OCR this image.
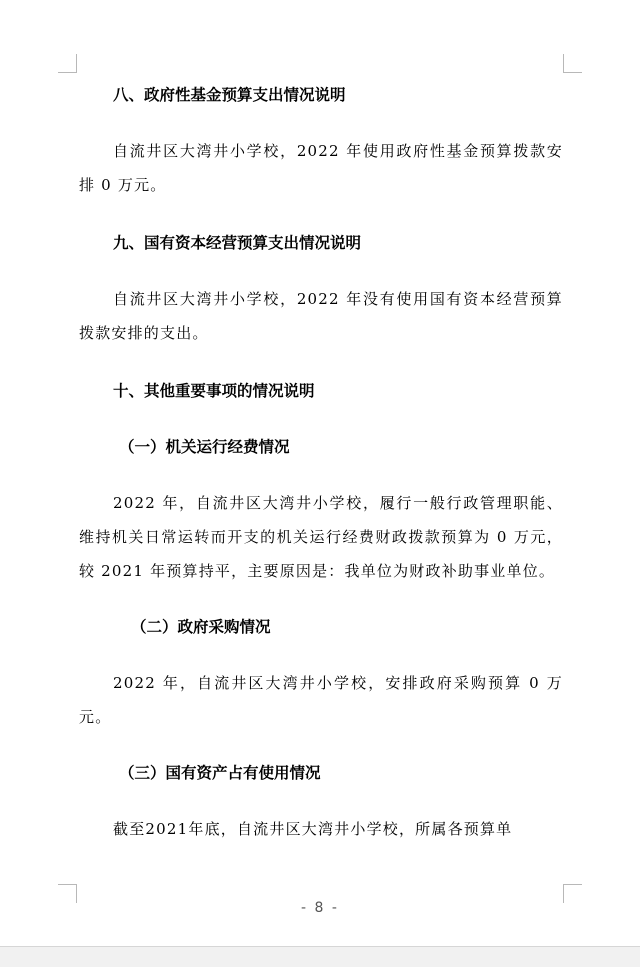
八、政府性基金预算支出情况说明

自流井区大湾井小学校，2022 年使用政府性基金预算拨款安排 0 万元。

九、国有资本经营预算支出情况说明

自流井区大湾井小学校，2022 年没有使用国有资本经营预算拨款安排的支出。

十、其他重要事项的情况说明

（一）机关运行经费情况

2022 年，自流井区大湾井小学校，履行一般行政管理职能、维持机关日常运转而开支的机关运行经费财政拨款预算为 0 万元，较 2021 年预算持平，主要原因是：我单位为财政补助事业单位。

（二）政府采购情况

2022 年，自流井区大湾井小学校，安排政府采购预算 0 万元。

（三）国有资产占有使用情况

截至2021年底，自流井区大湾井小学校，所属各预算单

- 8 -
